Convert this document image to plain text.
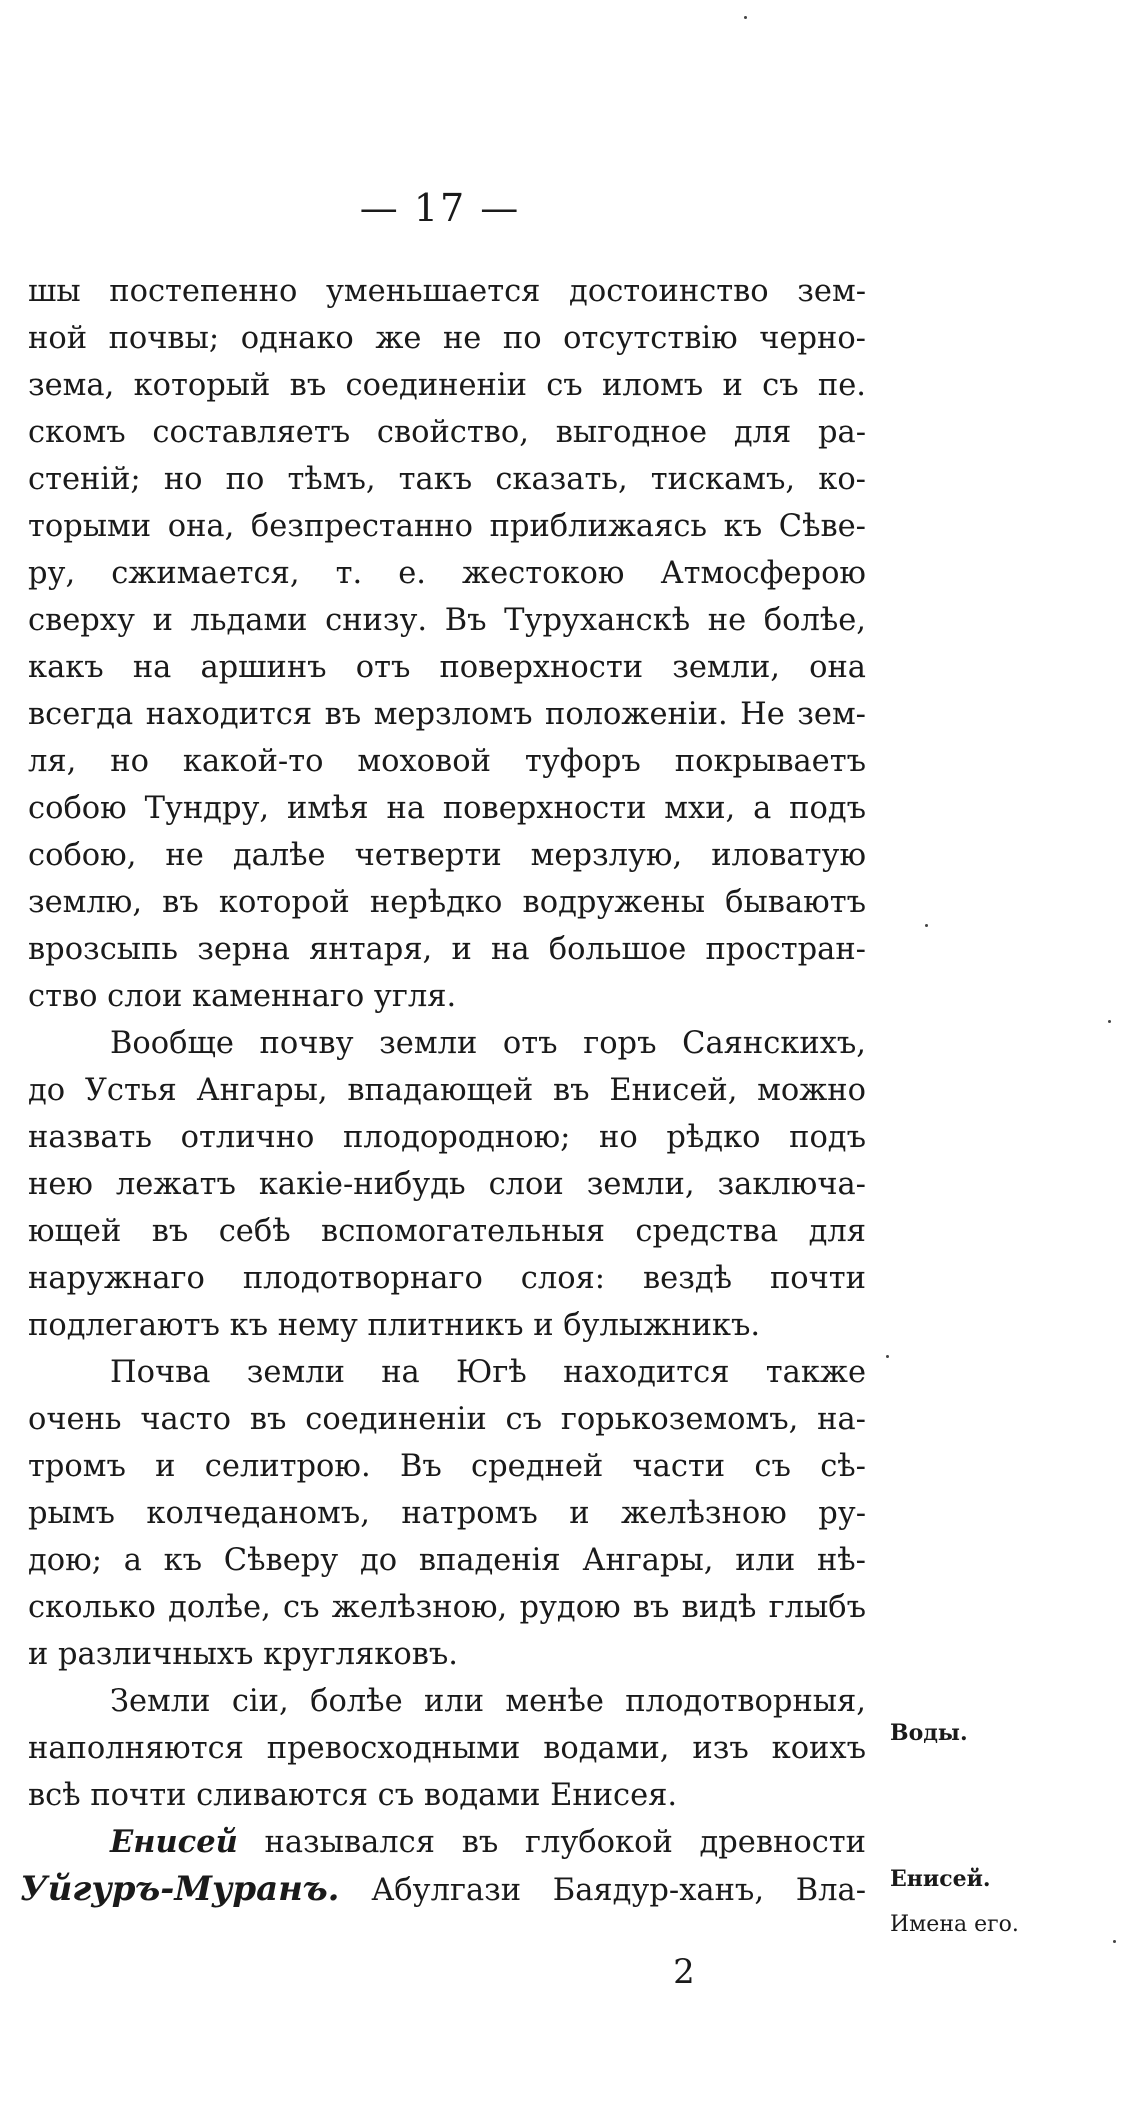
— 17 —
шы постепенно уменьшается достоинство зем-
ной почвы; однако же не по отсутствію черно-
зема, который въ соединеніи съ иломъ и съ пе.
скомъ составляетъ свойство, выгодное для ра-
стеній; но по тѣмъ, такъ сказать, тискамъ, ко-
торыми она, безпрестанно приближаясь къ Сѣве-
ру, сжимается, т. е. жестокою Атмосферою
сверху и льдами снизу. Въ Туруханскѣ не болѣе,
какъ на аршинъ отъ поверхности земли, она
всегда находится въ мерзломъ положеніи. Не зем-
ля, но какой-то моховой туфоръ покрываетъ
собою Тундру, имѣя на поверхности мхи, а подъ
собою, не далѣе четверти мерзлую, иловатую
землю, въ которой нерѣдко водружены бываютъ
врозсыпь зерна янтаря, и на большое простран-
ство слои каменнаго угля.
Вообще почву земли отъ горъ Саянскихъ,
до Устья Ангары, впадающей въ Енисей, можно
назвать отлично плодородною; но рѣдко подъ
нею лежатъ какіе-нибудь слои земли, заключа-
ющей въ себѣ вспомогательныя средства для
наружнаго плодотворнаго слоя: вездѣ почти
подлегаютъ къ нему плитникъ и булыжникъ.
Почва земли на Югѣ находится также
очень часто въ соединеніи съ горькоземомъ, на-
тромъ и селитрою. Въ средней части съ сѣ-
рымъ колчеданомъ, натромъ и желѣзною ру-
дою; а къ Сѣверу до впаденія Ангары, или нѣ-
сколько долѣе, съ желѣзною, рудою въ видѣ глыбъ
и различныхъ кругляковъ.
Земли сіи, болѣе или менѣе плодотворныя,
наполняются превосходными водами, изъ коихъ
всѣ почти сливаются съ водами Енисея.
Енисей назывался въ глубокой древности
Уйгуръ-Муранъ. Абулгази Баядур-ханъ, Вла-
Воды.
Енисей.
Имена его.
2
